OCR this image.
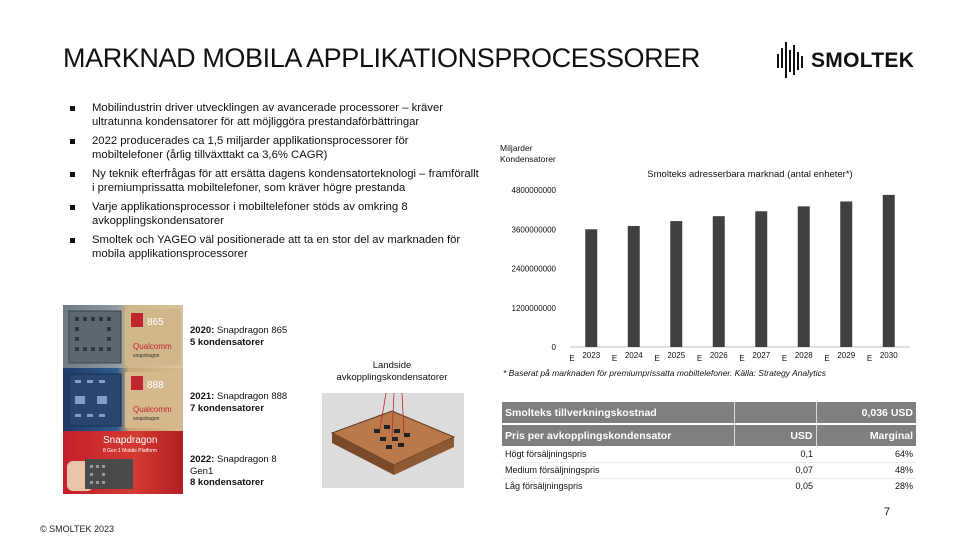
MARKNAD MOBILA APPLIKATIONSPROCESSORER	SMOLTEK
Mobilindustrin driver utvecklingen av avancerade processorer – kräver ultratunna kondensatorer för att möjliggöra prestandaförbättringar
2022 producerades ca 1,5 miljarder applikationsprocessorer för mobiltelefoner (årlig tillväxttakt ca 3,6% CAGR)
Ny teknik efterfrågas för att ersätta dagens kondensatorteknologi – framförallt i premiumprissatta mobiltelefoner, som kräver högre prestanda
Varje applikationsprocessor i mobiltelefoner stöds av omkring 8 avkopplingskondensatorer
Smoltek och YAGEO väl positionerade att ta en stor del av marknaden för mobila applikationsprocessorer
865
Qualcomm
snapdragon
2020: Snapdragon 865
5 kondensatorer
888
Qualcomm
snapdragon
2021: Snapdragon 888
7 kondensatorer
Snapdragon
8 Gen 1 Mobile Platform
2022: Snapdragon 8
Gen1
8 kondensatorer
Landside
avkopplingskondensatorer
Miljarder
Kondensatorer
Smolteks adresserbara marknad (antal enheter*)
0
1200000000
2400000000
3600000000
4800000000
2023
E	2024
E	2025
E	2026
E	2027
E	2028
E	2029
E	2030
E
* Baserat på marknaden för premiumprissatta mobiltelefoner. Källa: Strategy Analytics
Smolteks tillverkningskostnad		0,036 USD
Pris per avkopplingskondensator	USD	Marginal
Högt försäljningspris	0,1	64%
Medium försäljningspris	0,07	48%
Låg försäljningspris	0,05	28%
7
© SMOLTEK 2023
